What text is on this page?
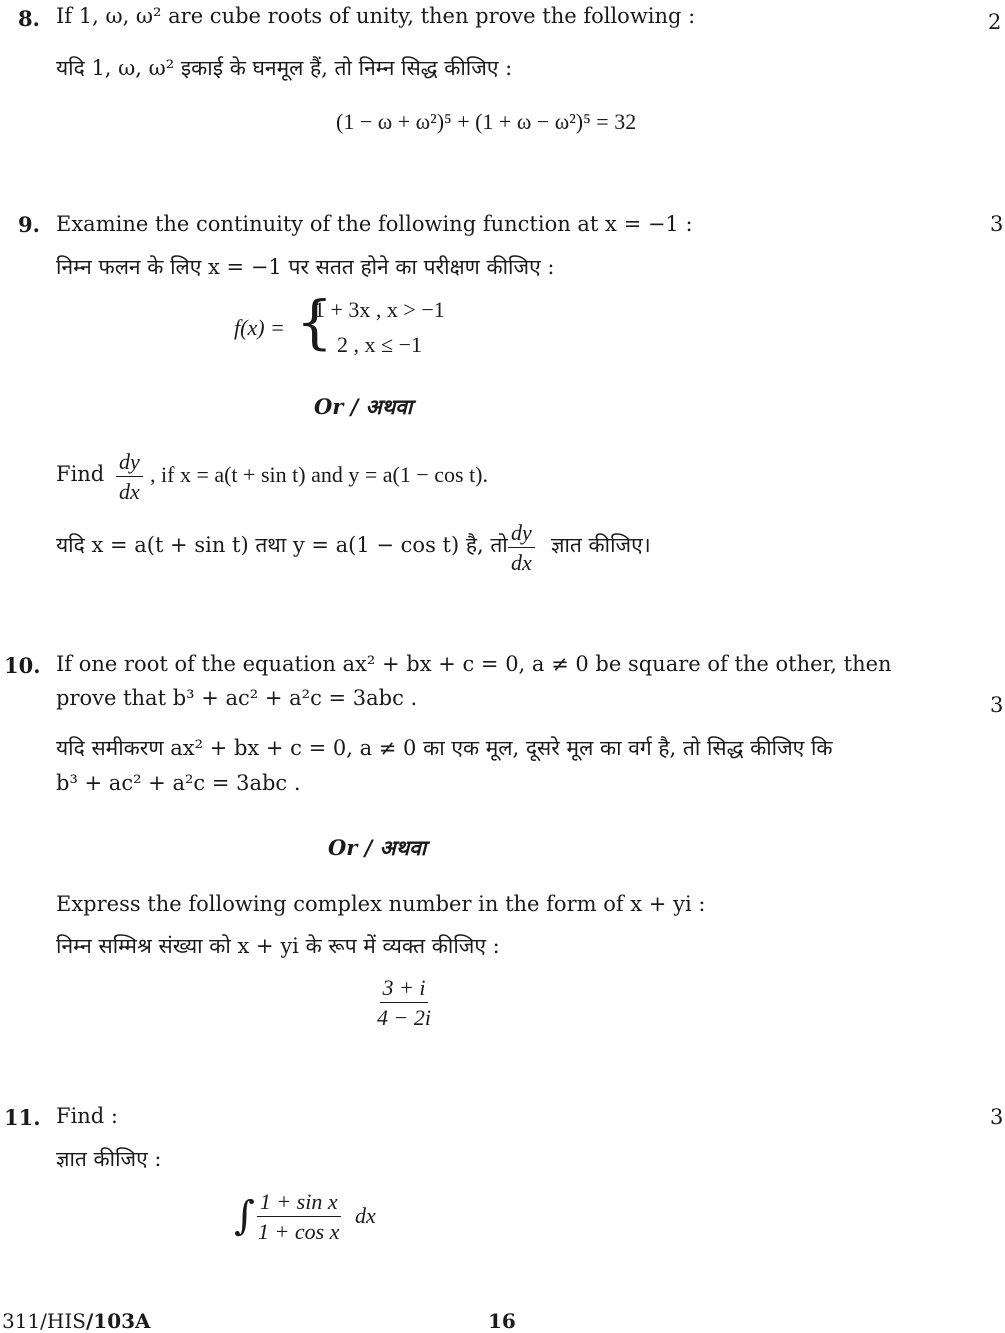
8. If 1, ω, ω² are cube roots of unity, then prove the following :	2
यदि 1, ω, ω² इकाई के घनमूल हैं, तो निम्न सिद्ध कीजिए :
(1 − ω + ω²)⁵ + (1 + ω − ω²)⁵ = 32
9. Examine the continuity of the following function at x = −1 :	3
निम्न फलन के लिए x = −1 पर सतत होने का परीक्षण कीजिए :
f(x) = {
1 + 3x , x > −1
2 , x ≤ −1
Or / अथवा
Find $\frac{dy}{dx}$ , if x = a(t + sin t) and y = a(1 − cos t).
यदि x = a(t + sin t) तथा y = a(1 − cos t) है, तो $\frac{dy}{dx}$ ज्ञात कीजिए।
10. If one root of the equation ax² + bx + c = 0, a ≠ 0 be square of the other, then
prove that b³ + ac² + a²c = 3abc .	3
यदि समीकरण ax² + bx + c = 0, a ≠ 0 का एक मूल, दूसरे मूल का वर्ग है, तो सिद्ध कीजिए कि
b³ + ac² + a²c = 3abc .
Or / अथवा
Express the following complex number in the form of x + yi :
निम्न सम्मिश्र संख्या को x + yi के रूप में व्यक्त कीजिए :
$\frac{3 + i}{4 - 2i}$
11. Find :	3
ज्ञात कीजिए :
∫ $\frac{\text{1 + sin x}}{\text{1 + cos x}}$ dx
311/HIS/103A	16
